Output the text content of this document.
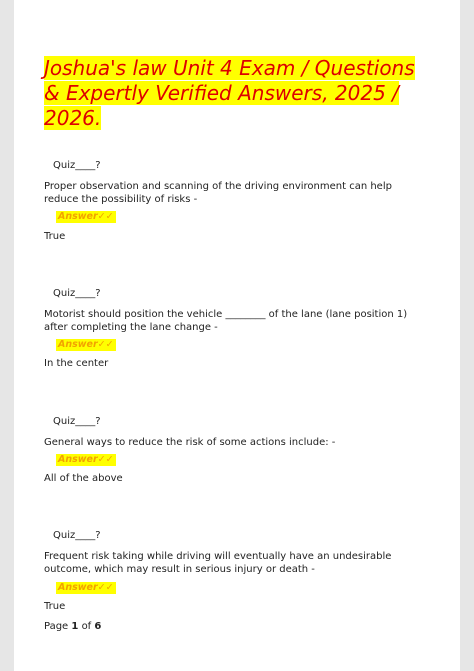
Joshua's law Unit 4 Exam / Questions & Expertly Verified Answers, 2025 / 2026.
Quiz____?

Proper observation and scanning of the driving environment can help reduce the possibility of risks -

Answer✓✓
True
Quiz____?

Motorist should position the vehicle ________ of the lane (lane position 1) after completing the lane change -

Answer✓✓
In the center
Quiz____?

General ways to reduce the risk of some actions include: -

Answer✓✓
All of the above
Quiz____?

Frequent risk taking while driving will eventually have an undesirable outcome, which may result in serious injury or death -

Answer✓✓
True
Page 1 of 6
